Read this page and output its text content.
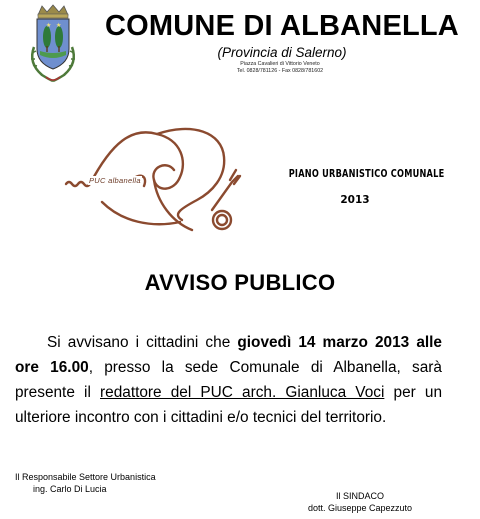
★ ★	COMUNE DI ALBANELLA
(Provincia di Salerno)
Piazza Cavalieri di Vittorio Veneto
Tel. 0828/781126 - Fax 0828/781602
PUC albanella
PIANO URBANISTICO COMUNALE
2013
AVVISO PUBLICO
Si avvisano i cittadini che giovedì 14 marzo 2013 alle ore 16.00, presso la sede Comunale di Albanella, sarà presente il redattore del PUC arch. Gianluca Voci per un ulteriore incontro con i cittadini e/o tecnici del territorio.
Il Responsabile Settore Urbanistica
ing. Carlo Di Lucia
Il SINDACO
dott. Giuseppe Capezzuto
